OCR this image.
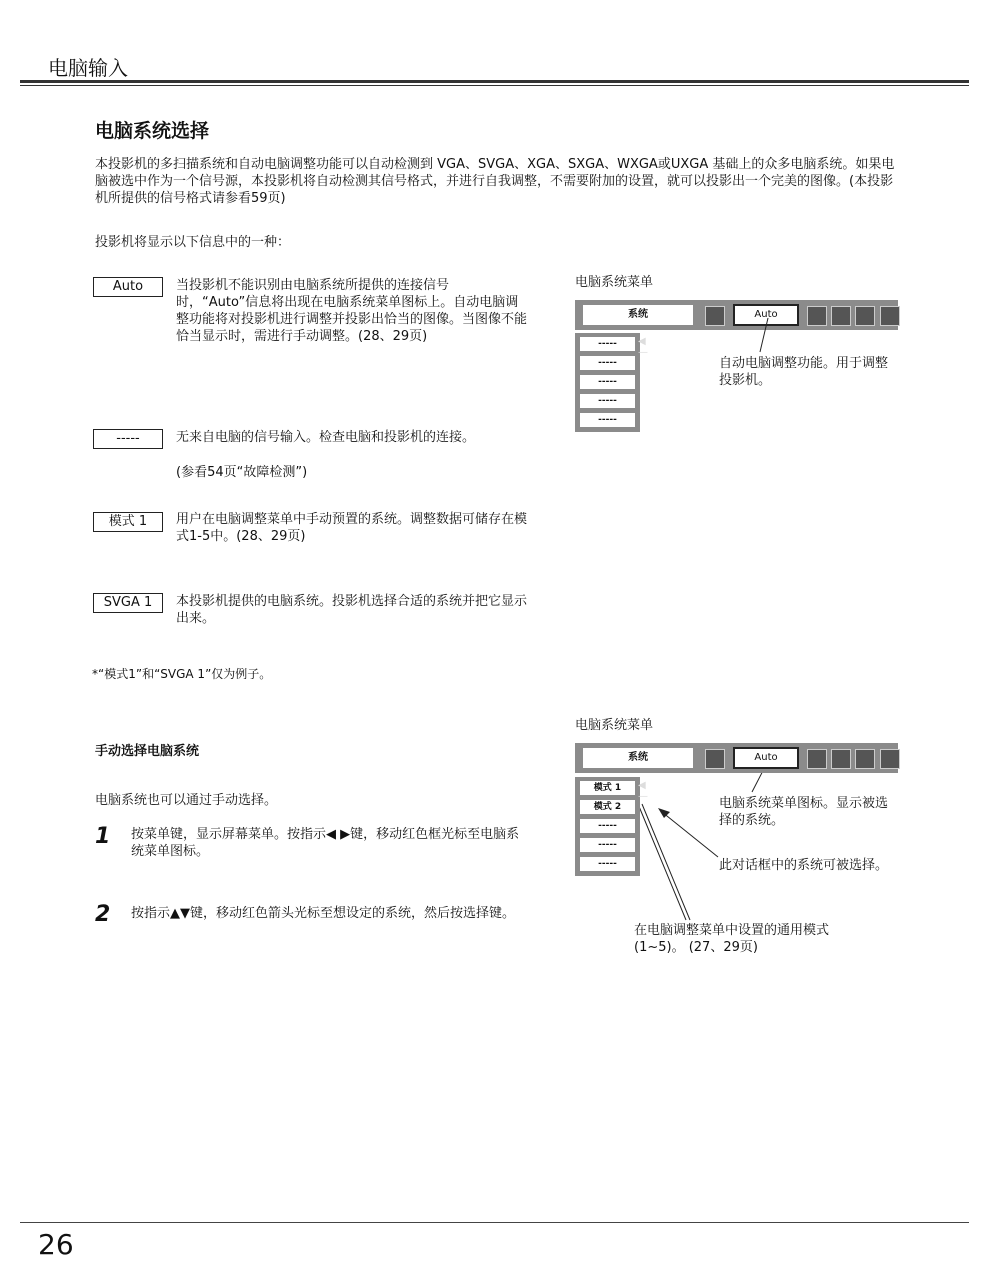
电脑输入
电脑系统选择
本投影机的多扫描系统和自动电脑调整功能可以自动检测到 VGA、SVGA、XGA、SXGA、WXGA或UXGA 基础上的众多电脑系统。如果电脑被选中作为一个信号源，本投影机将自动检测其信号格式，并进行自我调整，不需要附加的设置，就可以投影出一个完美的图像。(本投影机所提供的信号格式请参看59页)
投影机将显示以下信息中的一种：
Auto	当投影机不能识别由电脑系统所提供的连接信号时，“Auto”信息将出现在电脑系统菜单图标上。自动电脑调整功能将对投影机进行调整并投影出恰当的图像。当图像不能恰当显示时，需进行手动调整。(28、29页)
-----	无来自电脑的信号输入。检查电脑和投影机的连接。
(参看54页“故障检测”)
模式 1	用户在电脑调整菜单中手动预置的系统。调整数据可储存在模式1-5中。(28、29页)
SVGA 1	本投影机提供的电脑系统。投影机选择合适的系统并把它显示出来。
*“模式1”和“SVGA 1”仅为例子。
电脑系统菜单
系统	Auto
-----
-----
-----
-----
-----
◀—
自动电脑调整功能。用于调整投影机。
手动选择电脑系统
电脑系统也可以通过手动选择。
1 按菜单键，显示屏幕菜单。按指示◀ ▶键，移动红色框光标至电脑系统菜单图标。
2 按指示▲▼键，移动红色箭头光标至想设定的系统，然后按选择键。
电脑系统菜单
系统	Auto
模式 1
模式 2
-----
-----
-----
◀—	电脑系统菜单图标。显示被选择的系统。
此对话框中的系统可被选择。
在电脑调整菜单中设置的通用模式(1~5)。 (27、29页)
26
